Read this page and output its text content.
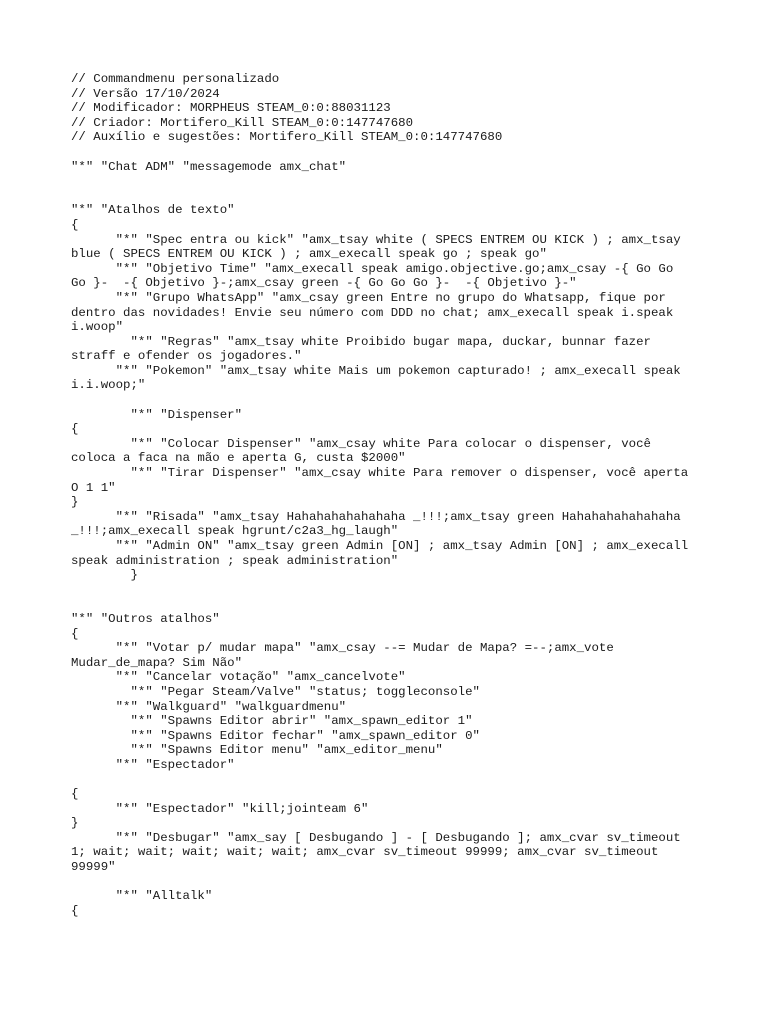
// Commandmenu personalizado
// Versão 17/10/2024
// Modificador: MORPHEUS STEAM_0:0:88031123
// Criador: Mortifero_Kill STEAM_0:0:147747680
// Auxílio e sugestões: Mortifero_Kill STEAM_0:0:147747680
"*" "Chat ADM" "messagemode amx_chat"
"*" "Atalhos de texto"
{
"*" "Spec entra ou kick" "amx_tsay white ( SPECS ENTREM OU KICK ) ; amx_tsay
blue ( SPECS ENTREM OU KICK ) ; amx_execall speak go ; speak go"
"*" "Objetivo Time" "amx_execall speak amigo.objective.go;amx_csay -{ Go Go
Go }-  -{ Objetivo }-;amx_csay green -{ Go Go Go }-  -{ Objetivo }-"
"*" "Grupo WhatsApp" "amx_csay green Entre no grupo do Whatsapp, fique por
dentro das novidades! Envie seu número com DDD no chat; amx_execall speak i.speak
i.woop"
"*" "Regras" "amx_tsay white Proibido bugar mapa, duckar, bunnar fazer
straff e ofender os jogadores."
"*" "Pokemon" "amx_tsay white Mais um pokemon capturado! ; amx_execall speak
i.i.woop;"
"*" "Dispenser"
{
"*" "Colocar Dispenser" "amx_csay white Para colocar o dispenser, você
coloca a faca na mão e aperta G, custa $2000"
"*" "Tirar Dispenser" "amx_csay white Para remover o dispenser, você aperta
O 1 1"
}
"*" "Risada" "amx_tsay Hahahahahahahaha _!!!;amx_tsay green Hahahahahahahaha
_!!!;amx_execall speak hgrunt/c2a3_hg_laugh"
"*" "Admin ON" "amx_tsay green Admin [ON] ; amx_tsay Admin [ON] ; amx_execall
speak administration ; speak administration"
}
"*" "Outros atalhos"
{
"*" "Votar p/ mudar mapa" "amx_csay --= Mudar de Mapa? =--;amx_vote
Mudar_de_mapa? Sim Não"
"*" "Cancelar votação" "amx_cancelvote"
"*" "Pegar Steam/Valve" "status; toggleconsole"
"*" "Walkguard" "walkguardmenu"
"*" "Spawns Editor abrir" "amx_spawn_editor 1"
"*" "Spawns Editor fechar" "amx_spawn_editor 0"
"*" "Spawns Editor menu" "amx_editor_menu"
"*" "Espectador"
{
"*" "Espectador" "kill;jointeam 6"
}
"*" "Desbugar" "amx_say [ Desbugando ] - [ Desbugando ]; amx_cvar sv_timeout
1; wait; wait; wait; wait; wait; amx_cvar sv_timeout 99999; amx_cvar sv_timeout
99999"
"*" "Alltalk"
{
